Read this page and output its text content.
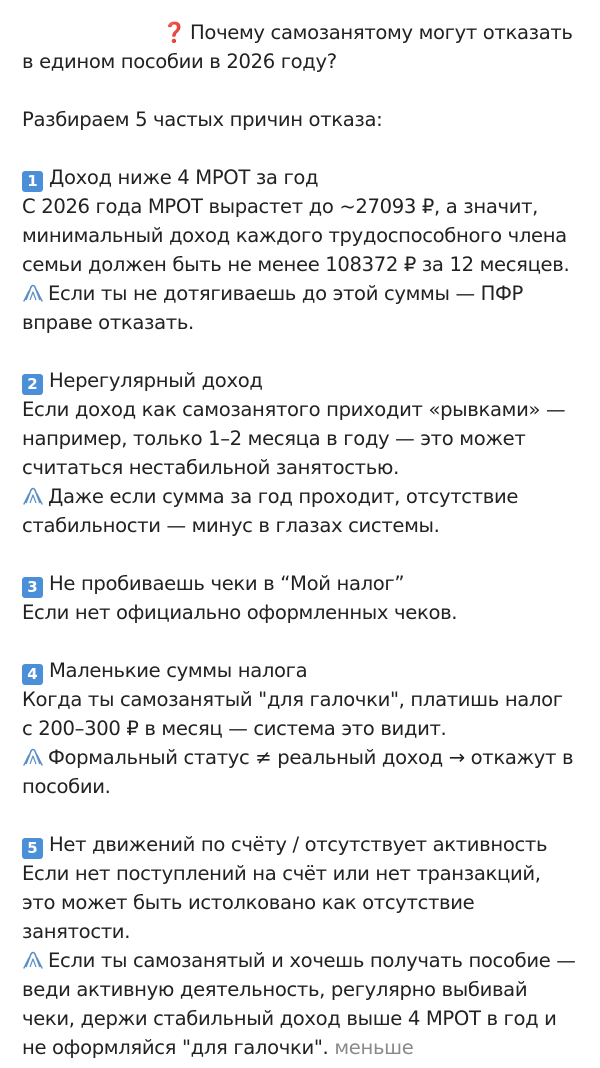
❓ Почему самозанятому могут отказать
в едином пособии в 2026 году?
Разбираем 5 частых причин отказа:
1 Доход ниже 4 МРОТ за год
С 2026 года МРОТ вырастет до ~27093 ₽, а значит,
минимальный доход каждого трудоспособного члена
семьи должен быть не менее 108372 ₽ за 12 месяцев.
Если ты не дотягиваешь до этой суммы — ПФР
вправе отказать.
2 Нерегулярный доход
Если доход как самозанятого приходит «рывками» —
например, только 1–2 месяца в году — это может
считаться нестабильной занятостью.
Даже если сумма за год проходит, отсутствие
стабильности — минус в глазах системы.
3 Не пробиваешь чеки в “Мой налог”
Если нет официально оформленных чеков.
4 Маленькие суммы налога
Когда ты самозанятый "для галочки", платишь налог
с 200–300 ₽ в месяц — система это видит.
Формальный статус ≠ реальный доход → откажут в
пособии.
5 Нет движений по счёту / отсутствует активность
Если нет поступлений на счёт или нет транзакций,
это может быть истолковано как отсутствие
занятости.
Если ты самозанятый и хочешь получать пособие —
веди активную деятельность, регулярно выбивай
чеки, держи стабильный доход выше 4 МРОТ в год и
не оформляйся "для галочки". меньше
